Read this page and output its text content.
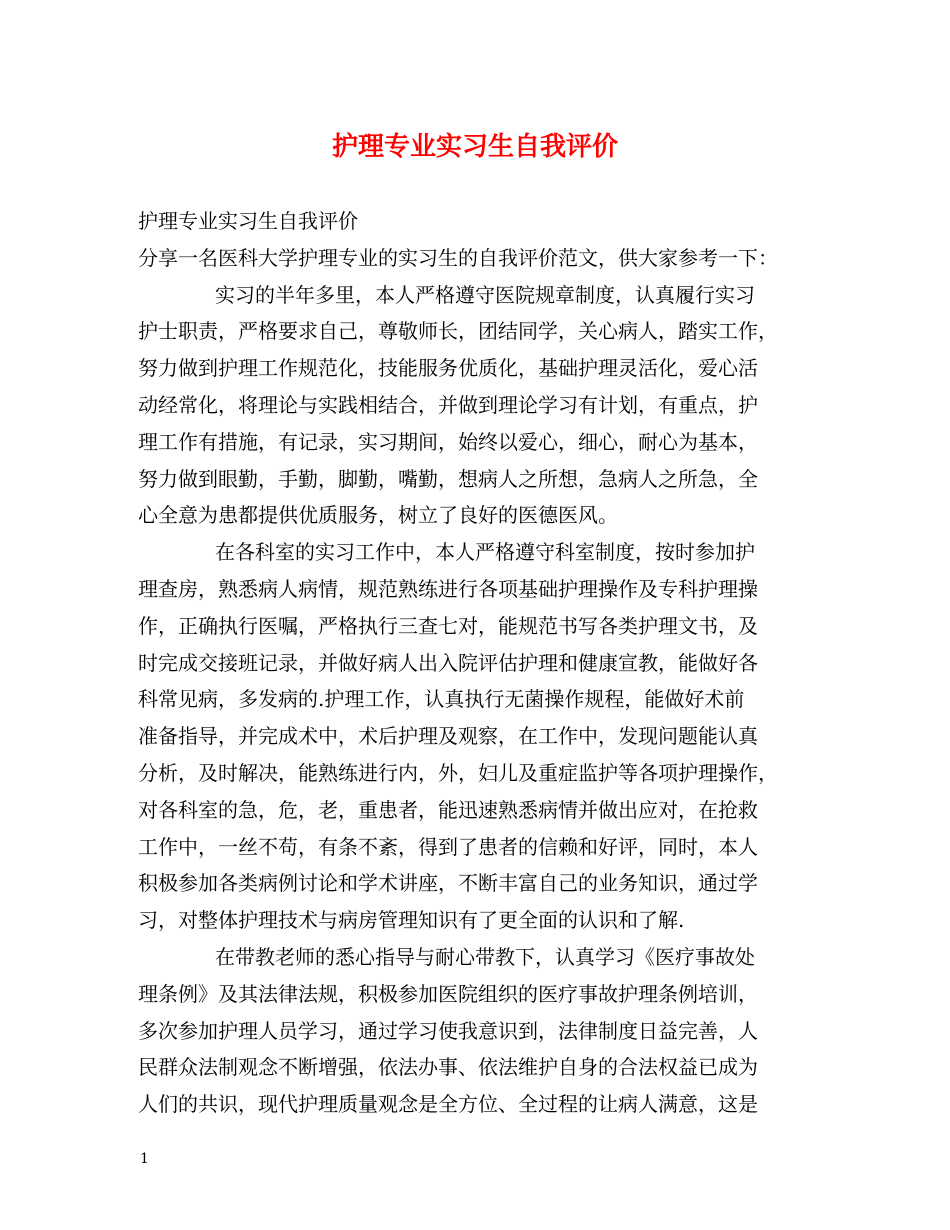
护理专业实习生自我评价
护理专业实习生自我评价
分享一名医科大学护理专业的实习生的自我评价范文，供大家参考一下：
实习的半年多里，本人严格遵守医院规章制度，认真履行实习
护士职责，严格要求自己，尊敬师长，团结同学，关心病人，踏实工作，
努力做到护理工作规范化，技能服务优质化，基础护理灵活化，爱心活
动经常化，将理论与实践相结合，并做到理论学习有计划，有重点，护
理工作有措施，有记录，实习期间，始终以爱心，细心，耐心为基本，
努力做到眼勤，手勤，脚勤，嘴勤，想病人之所想，急病人之所急，全
心全意为患都提供优质服务，树立了良好的医德医风。
在各科室的实习工作中，本人严格遵守科室制度，按时参加护
理查房，熟悉病人病情，规范熟练进行各项基础护理操作及专科护理操
作，正确执行医嘱，严格执行三查七对，能规范书写各类护理文书，及
时完成交接班记录，并做好病人出入院评估护理和健康宣教，能做好各
科常见病，多发病的.护理工作，认真执行无菌操作规程，能做好术前
准备指导，并完成术中，术后护理及观察，在工作中，发现问题能认真
分析，及时解决，能熟练进行内，外，妇儿及重症监护等各项护理操作，
对各科室的急，危，老，重患者，能迅速熟悉病情并做出应对，在抢救
工作中，一丝不苟，有条不紊，得到了患者的信赖和好评，同时，本人
积极参加各类病例讨论和学术讲座，不断丰富自己的业务知识，通过学
习，对整体护理技术与病房管理知识有了更全面的认识和了解.
在带教老师的悉心指导与耐心带教下，认真学习《医疗事故处
理条例》及其法律法规，积极参加医院组织的医疗事故护理条例培训，
多次参加护理人员学习，通过学习使我意识到，法律制度日益完善，人
民群众法制观念不断增强，依法办事、依法维护自身的合法权益已成为
人们的共识，现代护理质量观念是全方位、全过程的让病人满意，这是
1
